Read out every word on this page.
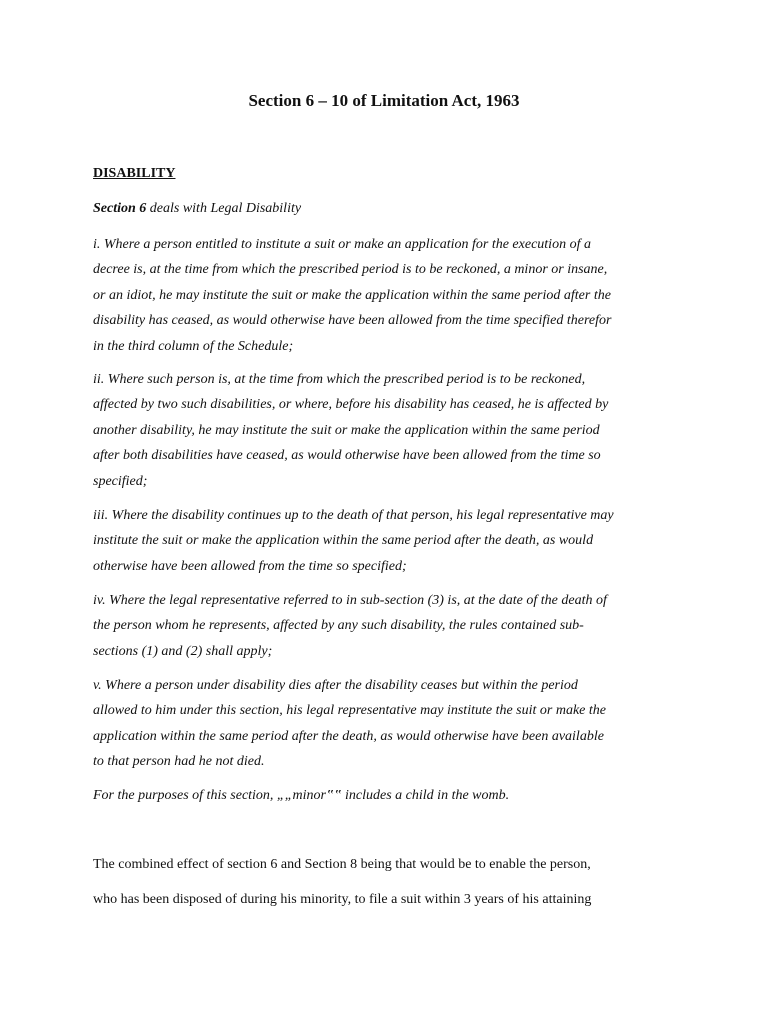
Section 6 – 10 of Limitation Act, 1963
DISABILITY

Section 6 deals with Legal Disability

i. Where a person entitled to institute a suit or make an application for the execution of a
decree is, at the time from which the prescribed period is to be reckoned, a minor or insane,
or an idiot, he may institute the suit or make the application within the same period after the
disability has ceased, as would otherwise have been allowed from the time specified therefor
in the third column of the Schedule;

ii. Where such person is, at the time from which the prescribed period is to be reckoned,
affected by two such disabilities, or where, before his disability has ceased, he is affected by
another disability, he may institute the suit or make the application within the same period
after both disabilities have ceased, as would otherwise have been allowed from the time so
specified;

iii. Where the disability continues up to the death of that person, his legal representative may
institute the suit or make the application within the same period after the death, as would
otherwise have been allowed from the time so specified;

iv. Where the legal representative referred to in sub-section (3) is, at the date of the death of
the person whom he represents, affected by any such disability, the rules contained sub-
sections (1) and (2) shall apply;

v. Where a person under disability dies after the disability ceases but within the period
allowed to him under this section, his legal representative may institute the suit or make the
application within the same period after the death, as would otherwise have been available
to that person had he not died.

For the purposes of this section, „„minor‟‟ includes a child in the womb.

The combined effect of section 6 and Section 8 being that would be to enable the person,

who has been disposed of during his minority, to file a suit within 3 years of his attaining
